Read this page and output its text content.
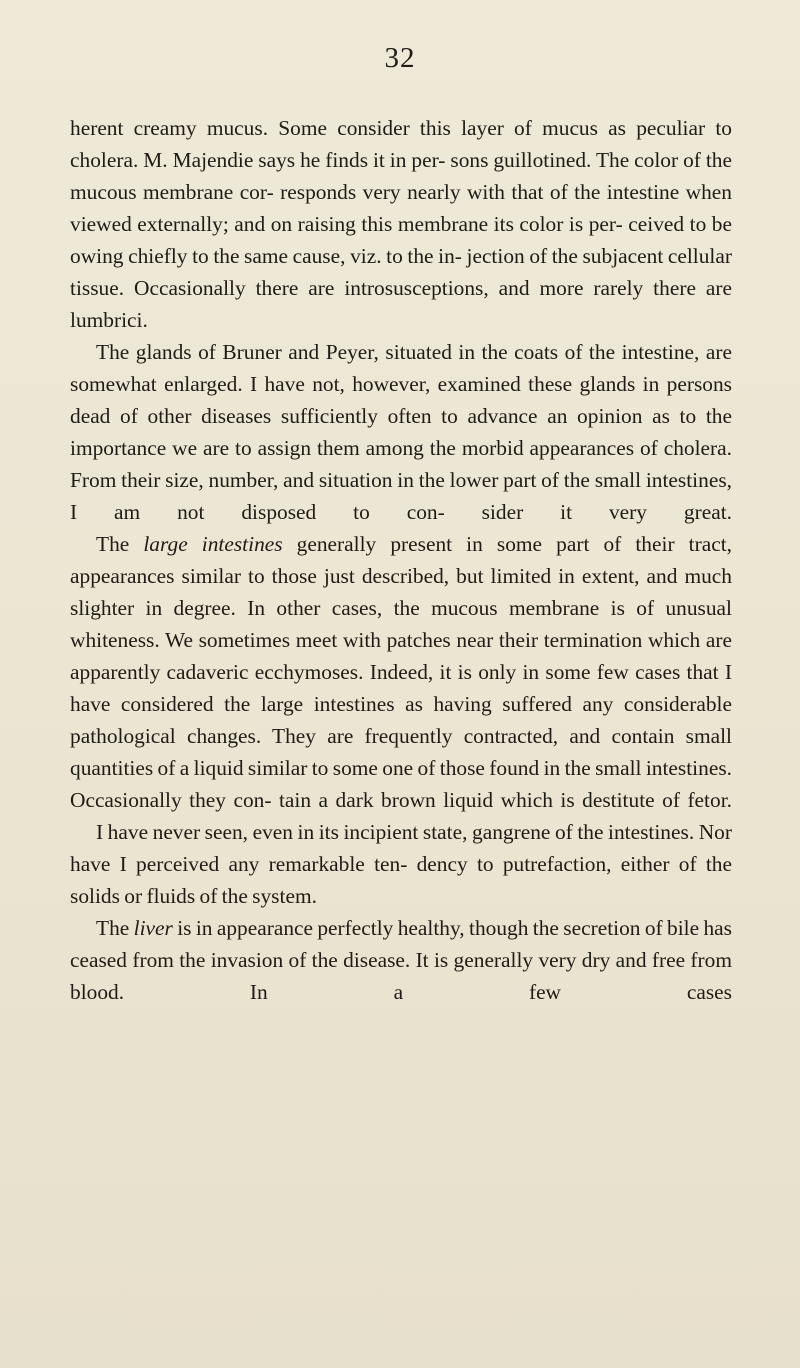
32

herent creamy mucus. Some consider this layer of mucus as peculiar to cholera. M. Majendie says he finds it in per- sons guillotined. The color of the mucous membrane cor- responds very nearly with that of the intestine when viewed externally; and on raising this membrane its color is per- ceived to be owing chiefly to the same cause, viz. to the in- jection of the subjacent cellular tissue. Occasionally there are introsusceptions, and more rarely there are lumbrici.

The glands of Bruner and Peyer, situated in the coats of the intestine, are somewhat enlarged. I have not, however, examined these glands in persons dead of other diseases sufficiently often to advance an opinion as to the importance we are to assign them among the morbid appearances of cholera. From their size, number, and situation in the lower part of the small intestines, I am not disposed to con- sider it very great.

The large intestines generally present in some part of their tract, appearances similar to those just described, but limited in extent, and much slighter in degree. In other cases, the mucous membrane is of unusual whiteness. We sometimes meet with patches near their termination which are apparently cadaveric ecchymoses. Indeed, it is only in some few cases that I have considered the large intestines as having suffered any considerable pathological changes. They are frequently contracted, and contain small quantities of a liquid similar to some one of those found in the small intestines. Occasionally they con- tain a dark brown liquid which is destitute of fetor.

I have never seen, even in its incipient state, gangrene of the intestines. Nor have I perceived any remarkable ten- dency to putrefaction, either of the solids or fluids of the system.

The liver is in appearance perfectly healthy, though the secretion of bile has ceased from the invasion of the disease. It is generally very dry and free from blood. In a few cases
